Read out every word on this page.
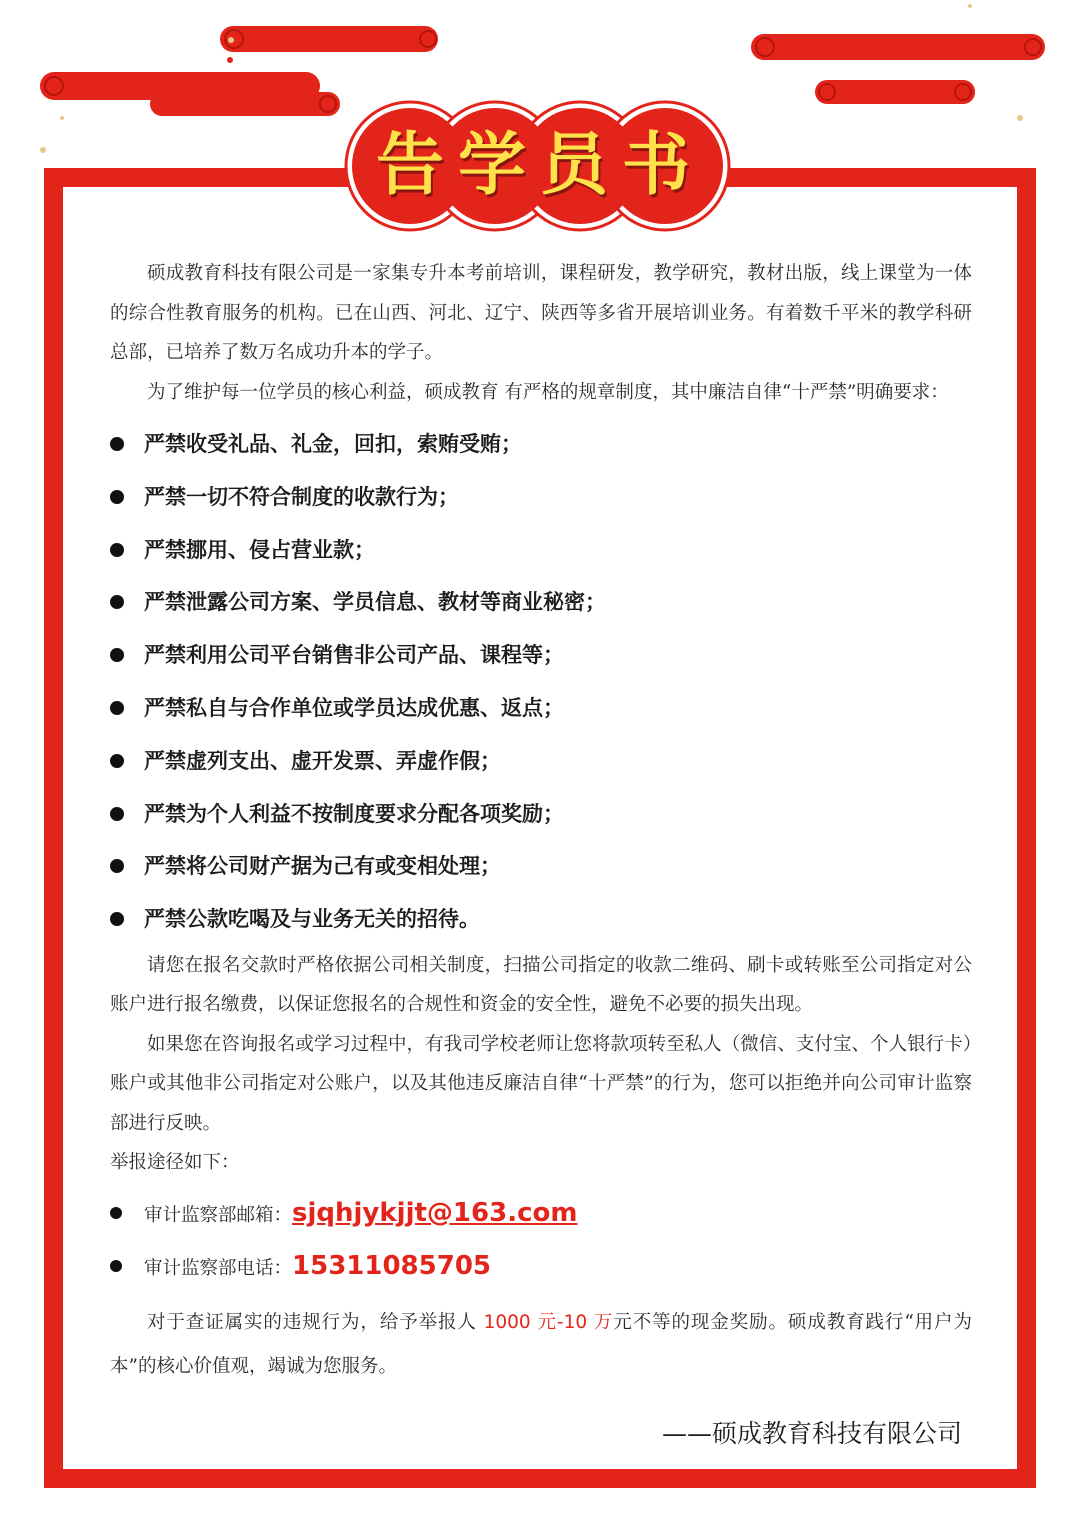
告学员书

硕成教育科技有限公司是一家集专升本考前培训，课程研发，教学研究，教材出版，线上课堂为一体的综合性教育服务的机构。已在山西、河北、辽宁、陕西等多省开展培训业务。有着数千平米的教学科研总部，已培养了数万名成功升本的学子。

为了维护每一位学员的核心利益，硕成教育 有严格的规章制度，其中廉洁自律“十严禁”明确要求：

严禁收受礼品、礼金，回扣，索贿受贿；
严禁一切不符合制度的收款行为；
严禁挪用、侵占营业款；
严禁泄露公司方案、学员信息、教材等商业秘密；
严禁利用公司平台销售非公司产品、课程等；
严禁私自与合作单位或学员达成优惠、返点；
严禁虚列支出、虚开发票、弄虚作假；
严禁为个人利益不按制度要求分配各项奖励；
严禁将公司财产据为己有或变相处理；
严禁公款吃喝及与业务无关的招待。

请您在报名交款时严格依据公司相关制度，扫描公司指定的收款二维码、刷卡或转账至公司指定对公账户进行报名缴费，以保证您报名的合规性和资金的安全性，避免不必要的损失出现。

如果您在咨询报名或学习过程中，有我司学校老师让您将款项转至私人（微信、支付宝、个人银行卡）账户或其他非公司指定对公账户，以及其他违反廉洁自律“十严禁”的行为，您可以拒绝并向公司审计监察部进行反映。

举报途径如下：

审计监察部邮箱：sjqhjykjjt@163.com
审计监察部电话：15311085705

对于查证属实的违规行为，给予举报人 1000 元-10 万元不等的现金奖励。硕成教育践行“用户为本”的核心价值观，竭诚为您服务。

——硕成教育科技有限公司
